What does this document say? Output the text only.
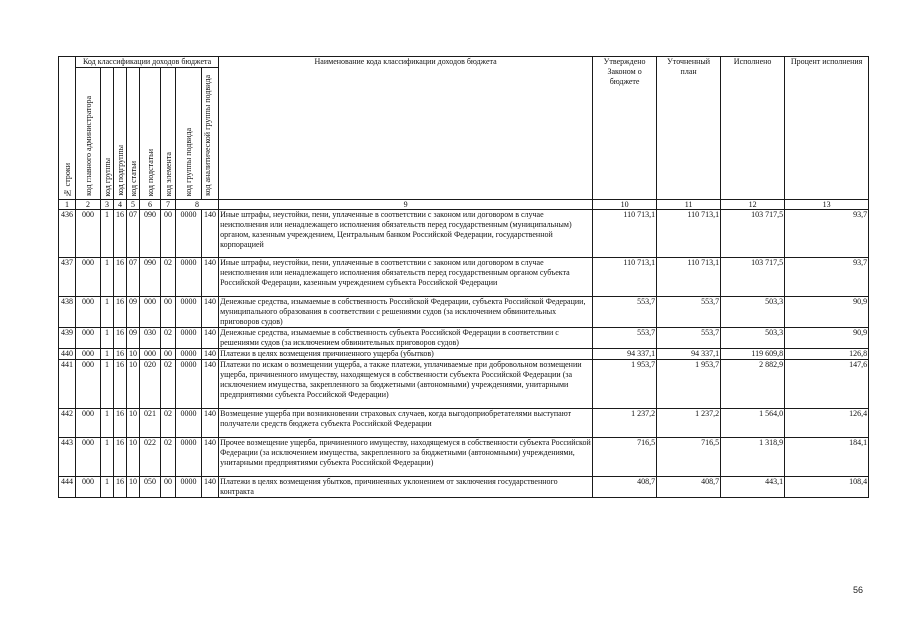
№ строки	Код классификации доходов бюджета								Наименование кода классификации доходов бюджета	Утверждено Законом о бюджете	Уточненный план	Исполнено	Процент исполнения

	код главного администратора	код группы	код подгруппы	код статьи	код подстатьи	код элемента	код группы подвида	код аналитической группы подвида					

1	2	3	4	5	6	7	8		9	10	11	12	13
436	000	1	16	07	090	00	0000	140	Иные штрафы, неустойки, пени, уплаченные в соответствии с законом или договором в случае неисполнения или ненадлежащего исполнения обязательств перед государственным (муниципальным) органом, казенным учреждением, Центральным банком Российской Федерации, государственной корпорацией	110 713,1	110 713,1	103 717,5	93,7
437	000	1	16	07	090	02	0000	140	Иные штрафы, неустойки, пени, уплаченные в соответствии с законом или договором в случае неисполнения или ненадлежащего исполнения обязательств перед государственным органом субъекта Российской Федерации, казенным учреждением субъекта Российской Федерации	110 713,1	110 713,1	103 717,5	93,7
438	000	1	16	09	000	00	0000	140	Денежные средства, изымаемые в собственность Российской Федерации, субъекта Российской Федерации, муниципального образования в соответствии с решениями судов (за исключением обвинительных приговоров судов)	553,7	553,7	503,3	90,9
439	000	1	16	09	030	02	0000	140	Денежные средства, изымаемые в собственность субъекта Российской Федерации в соответствии с решениями судов (за исключением обвинительных приговоров судов)	553,7	553,7	503,3	90,9
440	000	1	16	10	000	00	0000	140	Платежи в целях возмещения причиненного ущерба (убытков)	94 337,1	94 337,1	119 609,8	126,8
441	000	1	16	10	020	02	0000	140	Платежи по искам о возмещении ущерба, а также платежи, уплачиваемые при добровольном возмещении ущерба, причиненного имуществу, находящемуся в собственности субъекта Российской Федерации (за исключением имущества, закрепленного за бюджетными (автономными) учреждениями, унитарными предприятиями субъекта Российской Федерации)	1 953,7	1 953,7	2 882,9	147,6
442	000	1	16	10	021	02	0000	140	Возмещение ущерба при возникновении страховых случаев, когда выгодоприобретателями выступают получатели средств бюджета субъекта Российской Федерации	1 237,2	1 237,2	1 564,0	126,4
443	000	1	16	10	022	02	0000	140	Прочее возмещение ущерба, причиненного имуществу, находящемуся в собственности субъекта Российской Федерации (за исключением имущества, закрепленного за бюджетными (автономными) учреждениями, унитарными предприятиями субъекта Российской Федерации)	716,5	716,5	1 318,9	184,1
444	000	1	16	10	050	00	0000	140	Платежи в целях возмещения убытков, причиненных уклонением от заключения государственного контракта	408,7	408,7	443,1	108,4
56
